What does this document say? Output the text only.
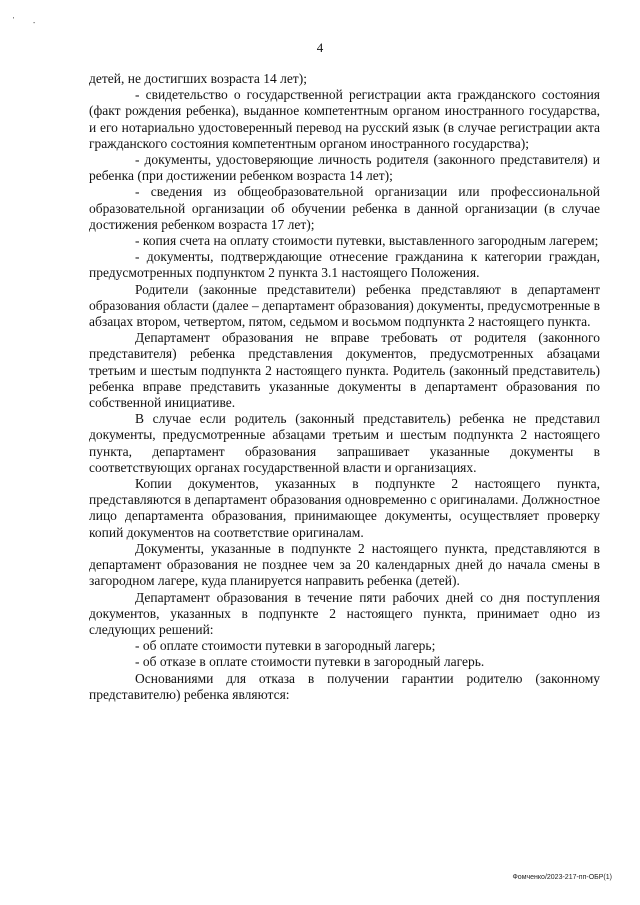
'	-
4

детей, не достигших возраста 14 лет);

- свидетельство о государственной регистрации акта гражданского состояния (факт рождения ребенка), выданное компетентным органом иностранного государства, и его нотариально удостоверенный перевод на русский язык (в случае регистрации акта гражданского состояния компетентным органом иностранного государства);

- документы, удостоверяющие личность родителя (законного представителя) и ребенка (при достижении ребенком возраста 14 лет);

- сведения из общеобразовательной организации или профессиональной образовательной организации об обучении ребенка в данной организации (в случае достижения ребенком возраста 17 лет);

- копия счета на оплату стоимости путевки, выставленного загородным лагерем;

- документы, подтверждающие отнесение гражданина к категории граждан, предусмотренных подпунктом 2 пункта 3.1 настоящего Положения.

Родители (законные представители) ребенка представляют в департамент образования области (далее – департамент образования) документы, предусмотренные в абзацах втором, четвертом, пятом, седьмом и восьмом подпункта 2 настоящего пункта.

Департамент образования не вправе требовать от родителя (законного представителя) ребенка представления документов, предусмотренных абзацами третьим и шестым подпункта 2 настоящего пункта. Родитель (законный представитель) ребенка вправе представить указанные документы в департамент образования по собственной инициативе.

В случае если родитель (законный представитель) ребенка не представил документы, предусмотренные абзацами третьим и шестым подпункта 2 настоящего пункта, департамент образования запрашивает указанные документы в соответствующих органах государственной власти и организациях.

Копии документов, указанных в подпункте 2 настоящего пункта, представляются в департамент образования одновременно с оригиналами. Должностное лицо департамента образования, принимающее документы, осуществляет проверку копий документов на соответствие оригиналам.

Документы, указанные в подпункте 2 настоящего пункта, представляются в департамент образования не позднее чем за 20 календарных дней до начала смены в загородном лагере, куда планируется направить ребенка (детей).

Департамент образования в течение пяти рабочих дней со дня поступления документов, указанных в подпункте 2 настоящего пункта, принимает одно из следующих решений:

- об оплате стоимости путевки в загородный лагерь;

- об отказе в оплате стоимости путевки в загородный лагерь.

Основаниями для отказа в получении гарантии родителю (законному представителю) ребенка являются:

Фомченко/2023-217-пп-ОБР(1)
